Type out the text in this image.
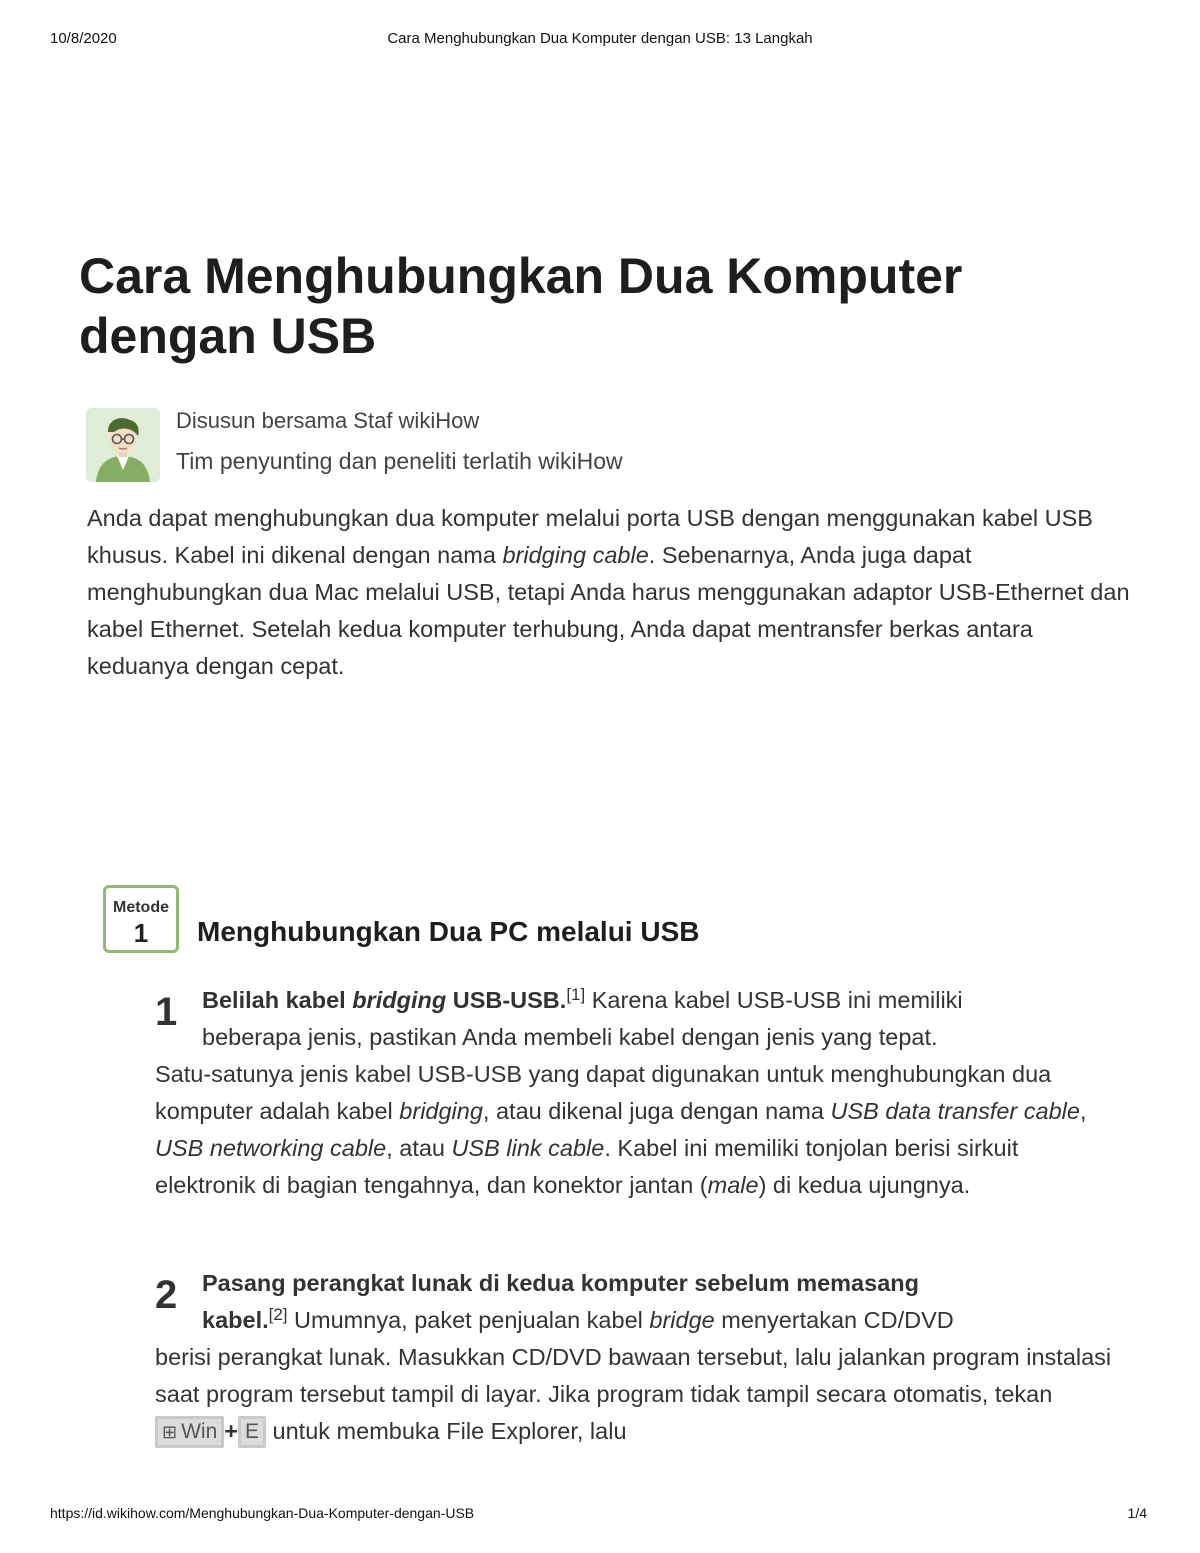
10/8/2020	Cara Menghubungkan Dua Komputer dengan USB: 13 Langkah
Cara Menghubungkan Dua Komputer
dengan USB
Disusun bersama Staf wikiHow
Tim penyunting dan peneliti terlatih wikiHow

Anda dapat menghubungkan dua komputer melalui porta USB dengan menggunakan kabel USB khusus. Kabel ini dikenal dengan nama bridging cable. Sebenarnya, Anda juga dapat menghubungkan dua Mac melalui USB, tetapi Anda harus menggunakan adaptor USB-Ethernet dan kabel Ethernet. Setelah kedua komputer terhubung, Anda dapat mentransfer berkas antara keduanya dengan cepat.

Metode
1	Menghubungkan Dua PC melalui USB
1	Belilah kabel bridging USB-USB.[1] Karena kabel USB-USB ini memiliki
beberapa jenis, pastikan Anda membeli kabel dengan jenis yang tepat.
Satu-satunya jenis kabel USB-USB yang dapat digunakan untuk menghubungkan dua komputer adalah kabel bridging, atau dikenal juga dengan nama USB data transfer cable, USB networking cable, atau USB link cable. Kabel ini memiliki tonjolan berisi sirkuit elektronik di bagian tengahnya, dan konektor jantan (male) di kedua ujungnya.

2	Pasang perangkat lunak di kedua komputer sebelum memasang
kabel.[2] Umumnya, paket penjualan kabel bridge menyertakan CD/DVD
berisi perangkat lunak. Masukkan CD/DVD bawaan tersebut, lalu jalankan program instalasi saat program tersebut tampil di layar. Jika program tidak tampil secara otomatis, tekan ⊞ Win + E untuk membuka File Explorer, lalu

https://id.wikihow.com/Menghubungkan-Dua-Komputer-dengan-USB	1/4
